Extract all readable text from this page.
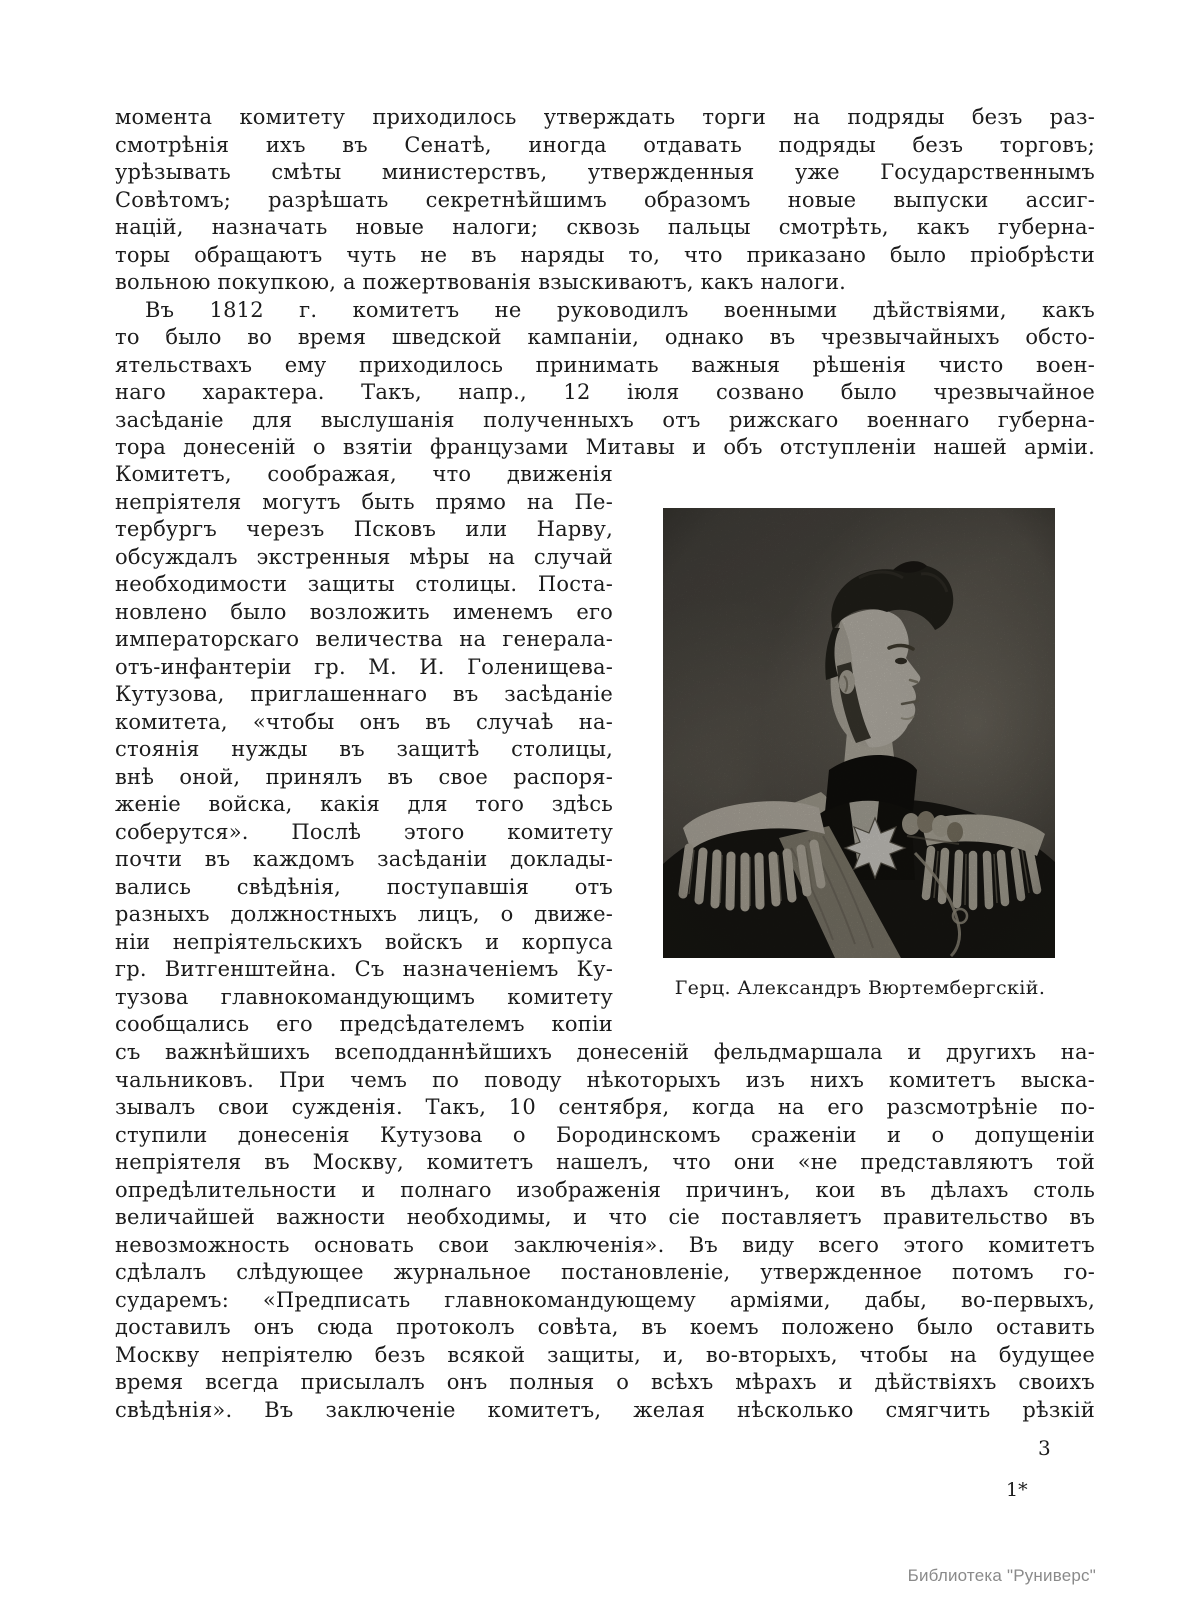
момента комитету приходилось утверждать торги на подряды безъ раз-
смотрѣнія ихъ въ Сенатѣ, иногда отдавать подряды безъ торговъ;
урѣзывать смѣты министерствъ, утвержденныя уже Государственнымъ
Совѣтомъ; разрѣшать секретнѣйшимъ образомъ новые выпуски ассиг-
націй, назначать новые налоги; сквозь пальцы смотрѣть, какъ губерна-
торы обращаютъ чуть не въ наряды то, что приказано было пріобрѣсти
вольною покупкою, а пожертвованія взыскиваютъ, какъ налоги.
Въ 1812 г. комитетъ не руководилъ военными дѣйствіями, какъ
то было во время шведской кампаніи, однако въ чрезвычайныхъ обсто-
ятельствахъ ему приходилось принимать важныя рѣшенія чисто воен-
наго характера. Такъ, напр., 12 іюля созвано было чрезвычайное
засѣданіе для выслушанія полученныхъ отъ рижскаго военнаго губерна-
тора донесеній о взятіи французами Митавы и объ отступленіи нашей арміи.
Комитетъ, соображая, что движенія
непріятеля могутъ быть прямо на Пе-
тербургъ черезъ Псковъ или Нарву,
обсуждалъ экстренныя мѣры на случай
необходимости защиты столицы. Поста-
новлено было возложить именемъ его
императорскаго величества на генерала-
отъ-инфантеріи гр. М. И. Голенищева-
Кутузова, приглашеннаго въ засѣданіе
комитета, «чтобы онъ въ случаѣ на-
стоянія нужды въ защитѣ столицы,
внѣ оной, принялъ въ свое распоря-
женіе войска, какія для того здѣсь
соберутся». Послѣ этого комитету
почти въ каждомъ засѣданіи доклады-
вались свѣдѣнія, поступавшія отъ
разныхъ должностныхъ лицъ, о движе-
ніи непріятельскихъ войскъ и корпуса
гр. Витгенштейна. Съ назначеніемъ Ку-
тузова главнокомандующимъ комитету
сообщались его предсѣдателемъ копіи
Герц. Александръ Вюртембергскій.
съ важнѣйшихъ всеподданнѣйшихъ донесеній фельдмаршала и другихъ на-
чальниковъ. При чемъ по поводу нѣкоторыхъ изъ нихъ комитетъ выска-
зывалъ свои сужденія. Такъ, 10 сентября, когда на его разсмотрѣніе по-
ступили донесенія Кутузова о Бородинскомъ сраженіи и о допущеніи
непріятеля въ Москву, комитетъ нашелъ, что они «не представляютъ той
опредѣлительности и полнаго изображенія причинъ, кои въ дѣлахъ столь
величайшей важности необходимы, и что сіе поставляетъ правительство въ
невозможность основать свои заключенія». Въ виду всего этого комитетъ
сдѣлалъ слѣдующее журнальное постановленіе, утвержденное потомъ го-
сударемъ: «Предписать главнокомандующему арміями, дабы, во-первыхъ,
доставилъ онъ сюда протоколъ совѣта, въ коемъ положено было оставить
Москву непріятелю безъ всякой защиты, и, во-вторыхъ, чтобы на будущее
время всегда присылалъ онъ полныя о всѣхъ мѣрахъ и дѣйствіяхъ своихъ
свѣдѣнія». Въ заключеніе комитетъ, желая нѣсколько смягчить рѣзкій
3
1*
Библиотека "Руниверс"
